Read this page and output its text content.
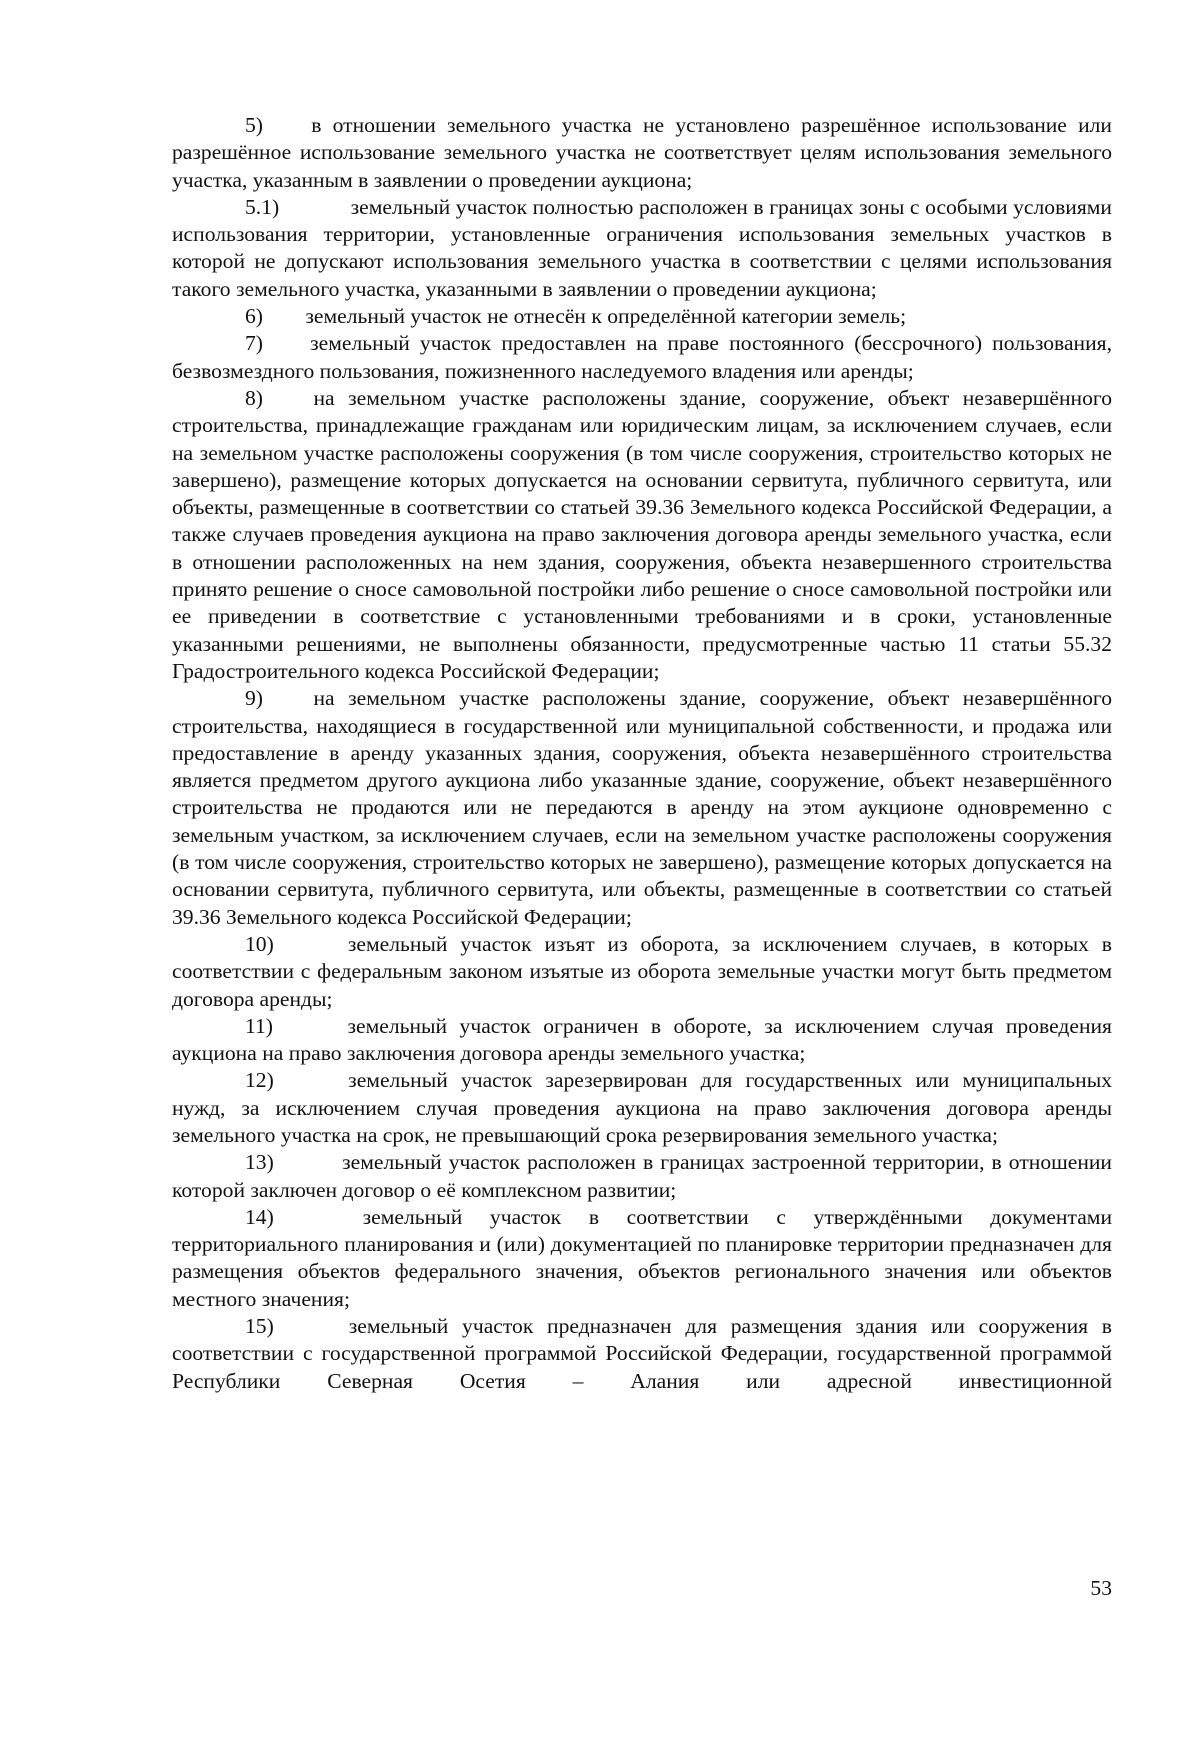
5) в отношении земельного участка не установлено разрешённое использование или разрешённое использование земельного участка не соответствует целям использования земельного участка, указанным в заявлении о проведении аукциона;

5.1)	земельный участок полностью расположен в границах зоны с особыми условиями использования территории, установленные ограничения использования земельных участков в которой не допускают использования земельного участка в соответствии с целями использования такого земельного участка, указанными в заявлении о проведении аукциона;

6) земельный участок не отнесён к определённой категории земель;

7) земельный участок предоставлен на праве постоянного (бессрочного) пользования, безвозмездного пользования, пожизненного наследуемого владения или аренды;

8) на земельном участке расположены здание, сооружение, объект незавершённого строительства, принадлежащие гражданам или юридическим лицам, за исключением случаев, если на земельном участке расположены сооружения (в том числе сооружения, строительство которых не завершено), размещение которых допускается на основании сервитута, публичного сервитута, или объекты, размещенные в соответствии со статьей 39.36 Земельного кодекса Российской Федерации, а также случаев проведения аукциона на право заключения договора аренды земельного участка, если в отношении расположенных на нем здания, сооружения, объекта незавершенного строительства принято решение о сносе самовольной постройки либо решение о сносе самовольной постройки или ее приведении в соответствие с установленными требованиями и в сроки, установленные указанными решениями, не выполнены обязанности, предусмотренные частью 11 статьи 55.32 Градостроительного кодекса Российской Федерации;

9) на земельном участке расположены здание, сооружение, объект незавершённого строительства, находящиеся в государственной или муниципальной собственности, и продажа или предоставление в аренду указанных здания, сооружения, объекта незавершённого строительства является предметом другого аукциона либо указанные здание, сооружение, объект незавершённого строительства не продаются или не передаются в аренду на этом аукционе одновременно с земельным участком, за исключением случаев, если на земельном участке расположены сооружения (в том числе сооружения, строительство которых не завершено), размещение которых допускается на основании сервитута, публичного сервитута, или объекты, размещенные в соответствии со статьей 39.36 Земельного кодекса Российской Федерации;

10)	земельный участок изъят из оборота, за исключением случаев, в которых в соответствии с федеральным законом изъятые из оборота земельные участки могут быть предметом договора аренды;

11)	земельный участок ограничен в обороте, за исключением случая проведения аукциона на право заключения договора аренды земельного участка;

12)	земельный участок зарезервирован для государственных или муниципальных нужд, за исключением случая проведения аукциона на право заключения договора аренды земельного участка на срок, не превышающий срока резервирования земельного участка;

13)	земельный участок расположен в границах застроенной территории, в отношении которой заключен договор о её комплексном развитии;

14)	земельный участок в соответствии с утверждёнными документами территориального планирования и (или) документацией по планировке территории предназначен для размещения объектов федерального значения, объектов регионального значения или объектов местного значения;

15)	земельный участок предназначен для размещения здания или сооружения в соответствии с государственной программой Российской Федерации, государственной программой Республики Северная Осетия – Алания или адресной инвестиционной

53
